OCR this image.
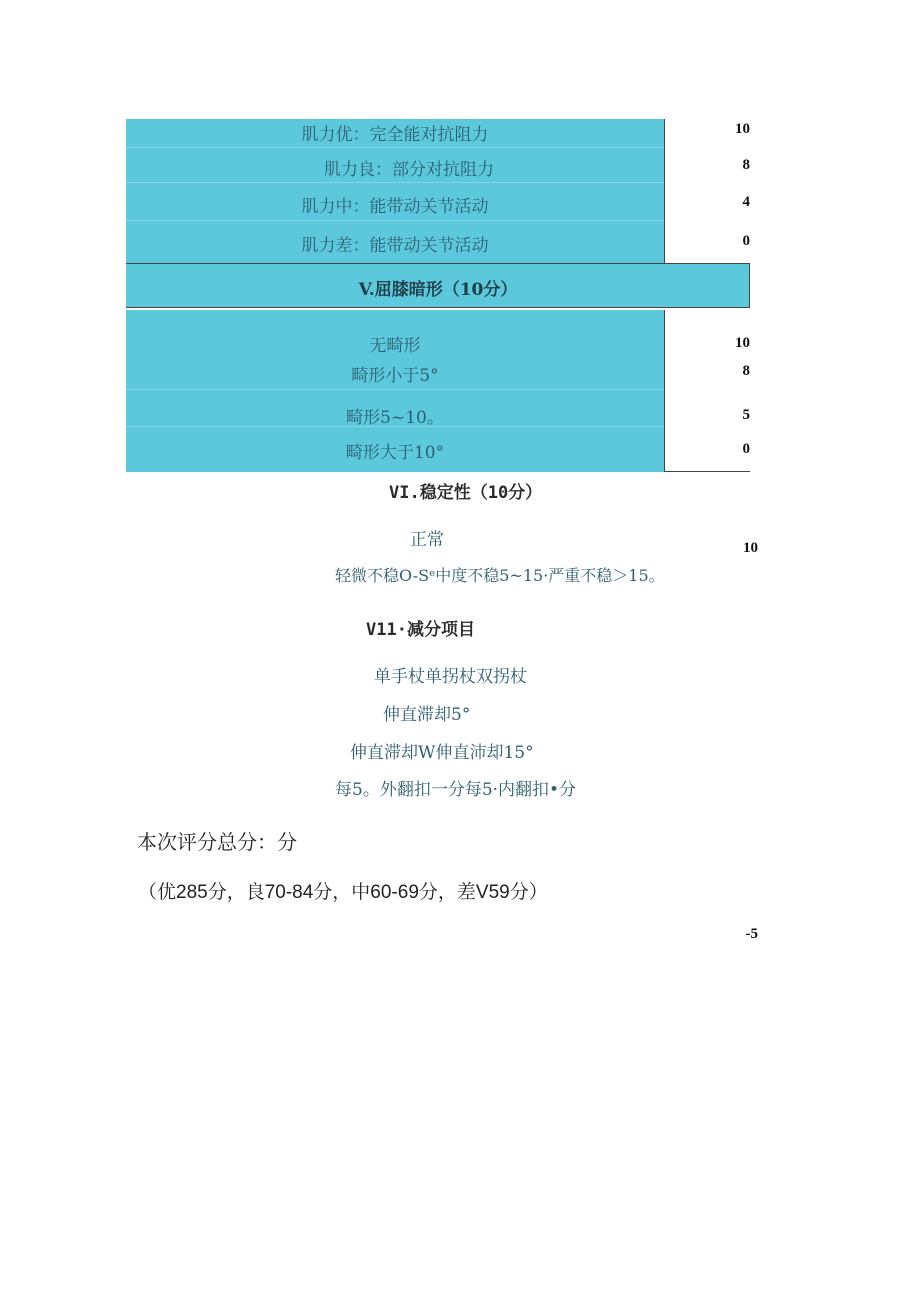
肌力优：完全能对抗阻力	10
肌力良：部分对抗阻力	8
肌力中：能带动关节活动	4
肌力差：能带动关节活动	0
V.屈膝暗形（10分）
无畸形	10
畸形小于5°	8
畸形5~10。	5
畸形大于10°	0
VI.稳定性（10分）
正常	10
轻微不稳O-Sᵉ中度不稳5~15·严重不稳＞15。
V11·减分项目
单手杖单拐杖双拐杖
伸直滞却5°
伸直滞却W伸直沛却15°
每5。外翻扣一分每5·内翻扣•分
本次评分总分：分
（优285分，良70-84分，中60-69分，差V59分）
-5
